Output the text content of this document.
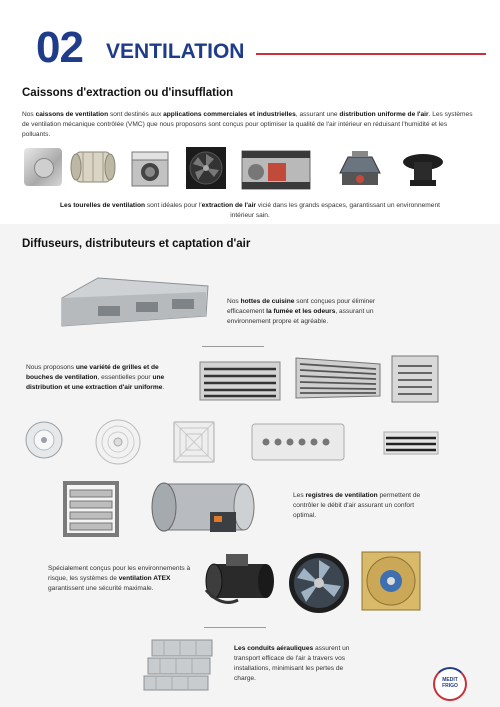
02 VENTILATION
Caissons d'extraction ou d'insufflation
Nos caissons de ventilation sont destinés aux applications commerciales et industrielles, assurant une distribution uniforme de l'air. Les systèmes de ventilation mécanique contrôlée (VMC) que nous proposons sont conçus pour optimiser la qualité de l'air intérieur en réduisant l'humidité et les polluants.
Les tourelles de ventilation sont idéales pour l'extraction de l'air vicié dans les grands espaces, garantissant un environnement intérieur sain.
Diffuseurs, distributeurs et captation d'air
Nos hottes de cuisine sont conçues pour éliminer efficacement la fumée et les odeurs, assurant un environnement propre et agréable.
Nous proposons une variété de grilles et de bouches de ventilation, essentielles pour une distribution et une extraction d'air uniforme.
Les registres de ventilation permettent de contrôler le débit d'air assurant un confort optimal.
Spécialement conçus pour les environnements à risque, les systèmes de ventilation ATEX garantissent une sécurité maximale.
Les conduits aérauliques assurent un transport efficace de l'air à travers vos installations, minimisant les pertes de charge.	MEDIT
FRIGO
